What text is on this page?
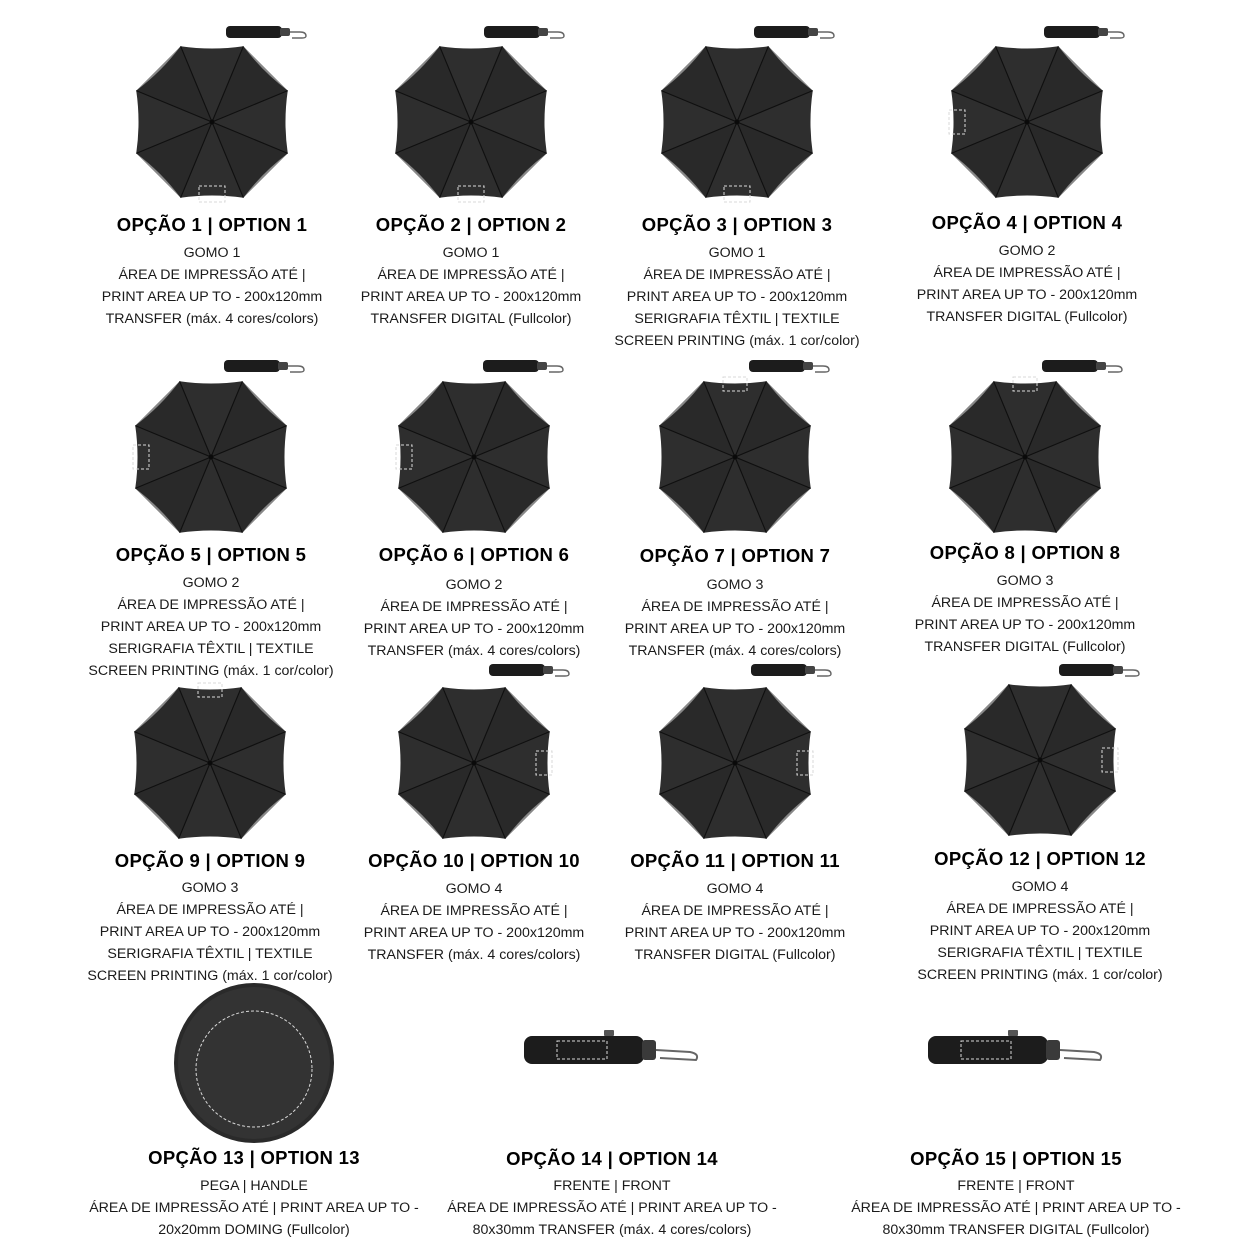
OPÇÃO 1 | OPTION 1
GOMO 1
ÁREA DE IMPRESSÃO ATÉ |
PRINT AREA UP TO - 200x120mm
TRANSFER (máx. 4 cores/colors)
OPÇÃO 2 | OPTION 2
GOMO 1
ÁREA DE IMPRESSÃO ATÉ |
PRINT AREA UP TO - 200x120mm
TRANSFER DIGITAL (Fullcolor)
OPÇÃO 3 | OPTION 3
GOMO 1
ÁREA DE IMPRESSÃO ATÉ |
PRINT AREA UP TO - 200x120mm
SERIGRAFIA TÊXTIL | TEXTILE
SCREEN PRINTING (máx. 1 cor/color)
OPÇÃO 4 | OPTION 4
GOMO 2
ÁREA DE IMPRESSÃO ATÉ |
PRINT AREA UP TO - 200x120mm
TRANSFER DIGITAL (Fullcolor)
OPÇÃO 5 | OPTION 5
GOMO 2
ÁREA DE IMPRESSÃO ATÉ |
PRINT AREA UP TO - 200x120mm
SERIGRAFIA TÊXTIL | TEXTILE
SCREEN PRINTING (máx. 1 cor/color)
OPÇÃO 6 | OPTION 6
GOMO 2
ÁREA DE IMPRESSÃO ATÉ |
PRINT AREA UP TO - 200x120mm
TRANSFER (máx. 4 cores/colors)
OPÇÃO 7 | OPTION 7
GOMO 3
ÁREA DE IMPRESSÃO ATÉ |
PRINT AREA UP TO - 200x120mm
TRANSFER (máx. 4 cores/colors)
OPÇÃO 8 | OPTION 8
GOMO 3
ÁREA DE IMPRESSÃO ATÉ |
PRINT AREA UP TO - 200x120mm
TRANSFER DIGITAL (Fullcolor)
OPÇÃO 9 | OPTION 9
GOMO 3
ÁREA DE IMPRESSÃO ATÉ |
PRINT AREA UP TO - 200x120mm
SERIGRAFIA TÊXTIL | TEXTILE
SCREEN PRINTING (máx. 1 cor/color)
OPÇÃO 10 | OPTION 10
GOMO 4
ÁREA DE IMPRESSÃO ATÉ |
PRINT AREA UP TO - 200x120mm
TRANSFER (máx. 4 cores/colors)
OPÇÃO 11 | OPTION 11
GOMO 4
ÁREA DE IMPRESSÃO ATÉ |
PRINT AREA UP TO - 200x120mm
TRANSFER DIGITAL (Fullcolor)
OPÇÃO 12 | OPTION 12
GOMO 4
ÁREA DE IMPRESSÃO ATÉ |
PRINT AREA UP TO - 200x120mm
SERIGRAFIA TÊXTIL | TEXTILE
SCREEN PRINTING (máx. 1 cor/color)
OPÇÃO 13 | OPTION 13
PEGA | HANDLE
ÁREA DE IMPRESSÃO ATÉ | PRINT AREA UP TO -
20x20mm DOMING (Fullcolor)
OPÇÃO 14 | OPTION 14
FRENTE | FRONT
ÁREA DE IMPRESSÃO ATÉ | PRINT AREA UP TO -
80x30mm TRANSFER (máx. 4 cores/colors)
OPÇÃO 15 | OPTION 15
FRENTE | FRONT
ÁREA DE IMPRESSÃO ATÉ | PRINT AREA UP TO -
80x30mm TRANSFER DIGITAL (Fullcolor)
